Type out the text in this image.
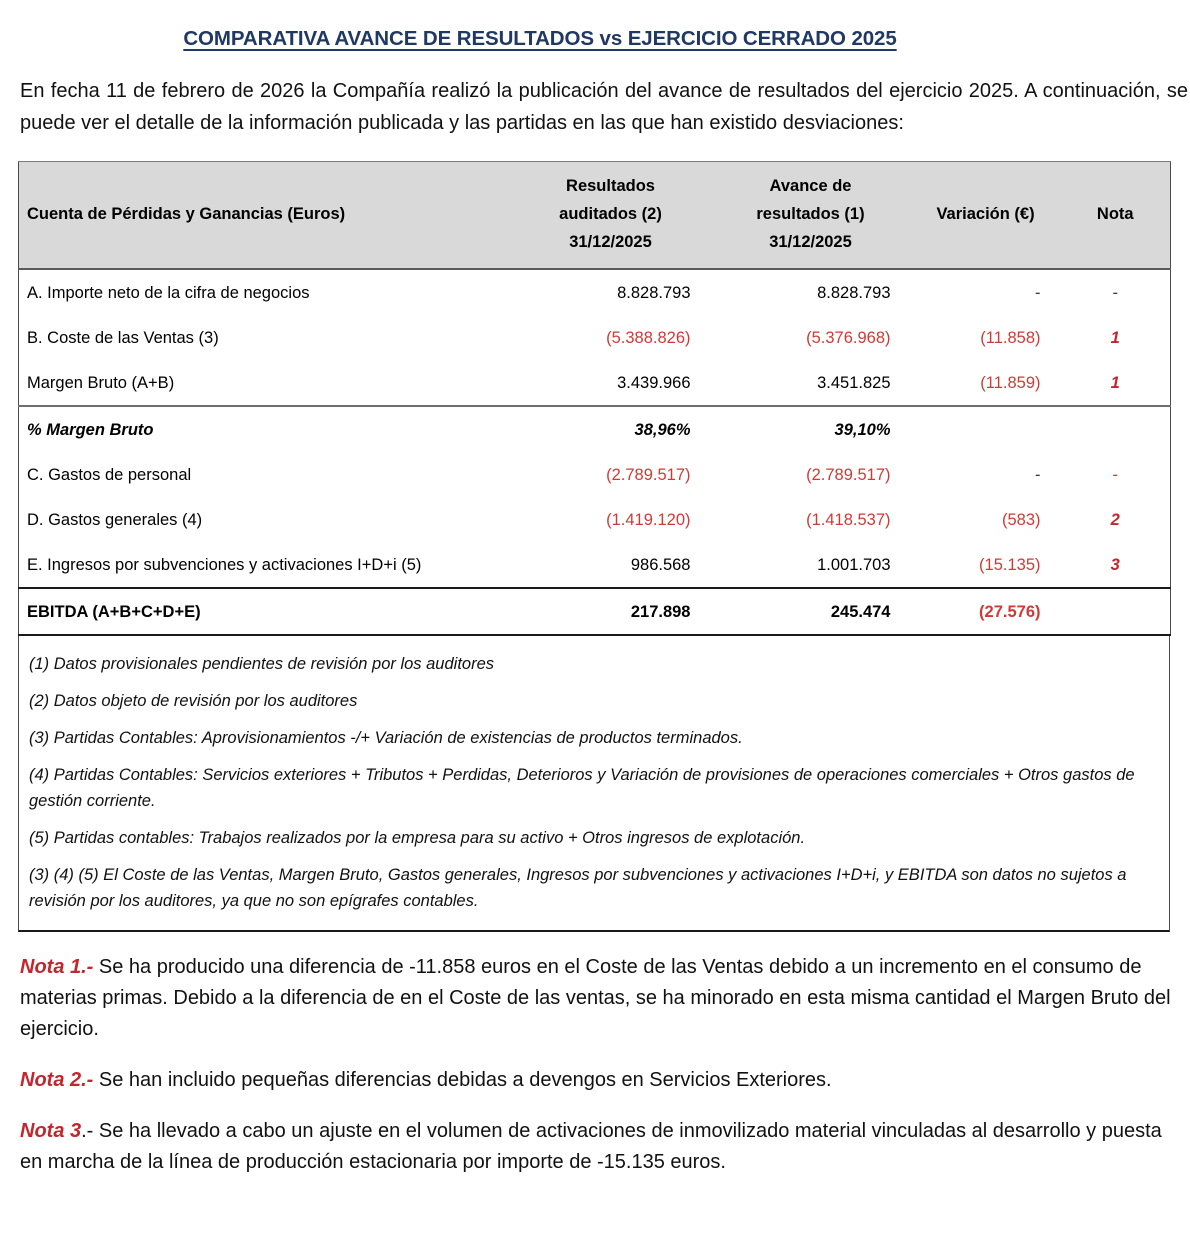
COMPARATIVA AVANCE DE RESULTADOS vs EJERCICIO CERRADO 2025

En fecha 11 de febrero de 2026 la Compañía realizó la publicación del avance de resultados del ejercicio 2025. A continuación, se puede ver el detalle de la información publicada y las partidas en las que han existido desviaciones:

Cuenta de Pérdidas y Ganancias (Euros)	Resultados
auditados (2)
31/12/2025	Avance de
resultados (1)
31/12/2025	Variación (€)	Nota
A. Importe neto de la cifra de negocios	8.828.793	8.828.793	-	-
B. Coste de las Ventas (3)	(5.388.826)	(5.376.968)	(11.858)	1
Margen Bruto (A+B)	3.439.966	3.451.825	(11.859)	1
% Margen Bruto	38,96%	39,10%		
C. Gastos de personal	(2.789.517)	(2.789.517)	-	-
D. Gastos generales (4)	(1.419.120)	(1.418.537)	(583)	2
E. Ingresos por subvenciones y activaciones I+D+i (5)	986.568	1.001.703	(15.135)	3
EBITDA (A+B+C+D+E)	217.898	245.474	(27.576)	

(1) Datos provisionales pendientes de revisión por los auditores

(2) Datos objeto de revisión por los auditores

(3) Partidas Contables: Aprovisionamientos -/+ Variación de existencias de productos terminados.

(4) Partidas Contables: Servicios exteriores + Tributos + Perdidas, Deterioros y Variación de provisiones de operaciones comerciales + Otros gastos de gestión corriente.

(5) Partidas contables: Trabajos realizados por la empresa para su activo + Otros ingresos de explotación.

(3) (4) (5) El Coste de las Ventas, Margen Bruto, Gastos generales, Ingresos por subvenciones y activaciones I+D+i, y EBITDA son datos no sujetos a revisión por los auditores, ya que no son epígrafes contables.

Nota 1.- Se ha producido una diferencia de -11.858 euros en el Coste de las Ventas debido a un incremento en el consumo de materias primas. Debido a la diferencia de en el Coste de las ventas, se ha minorado en esta misma cantidad el Margen Bruto del ejercicio.

Nota 2.- Se han incluido pequeñas diferencias debidas a devengos en Servicios Exteriores.

Nota 3.- Se ha llevado a cabo un ajuste en el volumen de activaciones de inmovilizado material vinculadas al desarrollo y puesta en marcha de la línea de producción estacionaria por importe de -15.135 euros.
